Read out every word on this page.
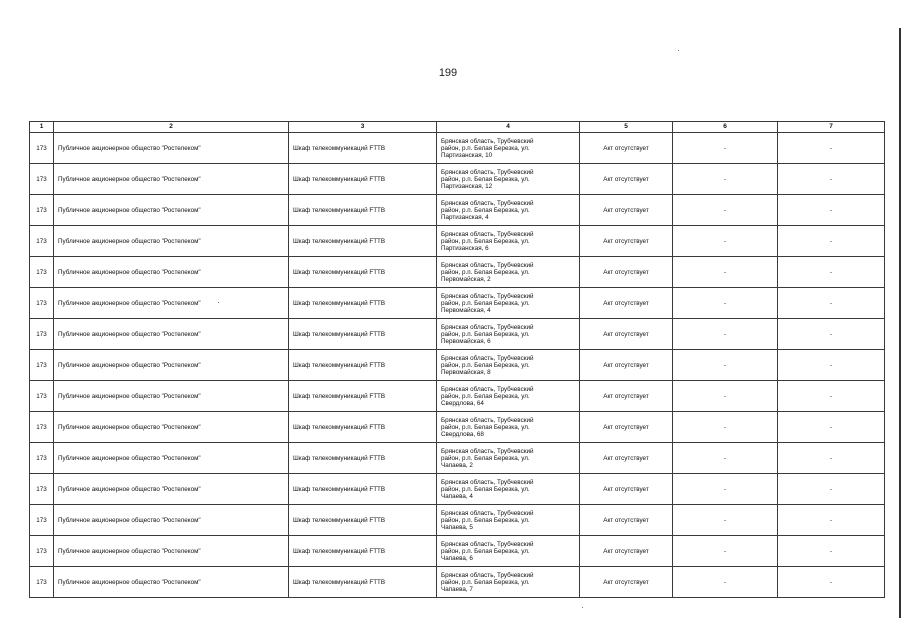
199
1	2	3	4	5	6	7
173	Публичное акционерное общество "Ростелеком"	Шкаф телекоммуникаций FTTB	Брянская область, Трубчевский
район, р.п. Белая Березка, ул.
Партизанская, 10	Акт отсутствует	-	-
173	Публичное акционерное общество "Ростелеком"	Шкаф телекоммуникаций FTTB	Брянская область, Трубчевский
район, р.п. Белая Березка, ул.
Партизанская, 12	Акт отсутствует	-	-
173	Публичное акционерное общество "Ростелеком"	Шкаф телекоммуникаций FTTB	Брянская область, Трубчевский
район, р.п. Белая Березка, ул.
Партизанская, 4	Акт отсутствует	-	-
173	Публичное акционерное общество "Ростелеком"	Шкаф телекоммуникаций FTTB	Брянская область, Трубчевский
район, р.п. Белая Березка, ул.
Партизанская, 6	Акт отсутствует	-	-
173	Публичное акционерное общество "Ростелеком"	Шкаф телекоммуникаций FTTB	Брянская область, Трубчевский
район, р.п. Белая Березка, ул.
Первомайская, 2	Акт отсутствует	-	-
173	Публичное акционерное общество "Ростелеком"	Шкаф телекоммуникаций FTTB	Брянская область, Трубчевский
район, р.п. Белая Березка, ул.
Первомайская, 4	Акт отсутствует	-	-
173	Публичное акционерное общество "Ростелеком"	Шкаф телекоммуникаций FTTB	Брянская область, Трубчевский
район, р.п. Белая Березка, ул.
Первомайская, 6	Акт отсутствует	-	-
173	Публичное акционерное общество "Ростелеком"	Шкаф телекоммуникаций FTTB	Брянская область, Трубчевский
район, р.п. Белая Березка, ул.
Первомайская, 8	Акт отсутствует	-	-
173	Публичное акционерное общество "Ростелеком"	Шкаф телекоммуникаций FTTB	Брянская область, Трубчевский
район, р.п. Белая Березка, ул.
Свердлова, 64	Акт отсутствует	-	-
173	Публичное акционерное общество "Ростелеком"	Шкаф телекоммуникаций FTTB	Брянская область, Трубчевский
район, р.п. Белая Березка, ул.
Свердлова, 68	Акт отсутствует	-	-
173	Публичное акционерное общество "Ростелеком"	Шкаф телекоммуникаций FTTB	Брянская область, Трубчевский
район, р.п. Белая Березка, ул.
Чапаева, 2	Акт отсутствует	-	-
173	Публичное акционерное общество "Ростелеком"	Шкаф телекоммуникаций FTTB	Брянская область, Трубчевский
район, р.п. Белая Березка, ул.
Чапаева, 4	Акт отсутствует	-	-
173	Публичное акционерное общество "Ростелеком"	Шкаф телекоммуникаций FTTB	Брянская область, Трубчевский
район, р.п. Белая Березка, ул.
Чапаева, 5	Акт отсутствует	-	-
173	Публичное акционерное общество "Ростелеком"	Шкаф телекоммуникаций FTTB	Брянская область, Трубчевский
район, р.п. Белая Березка, ул.
Чапаева, 6	Акт отсутствует	-	-
173	Публичное акционерное общество "Ростелеком"	Шкаф телекоммуникаций FTTB	Брянская область, Трубчевский
район, р.п. Белая Березка, ул.
Чапаева, 7	Акт отсутствует	-	-
